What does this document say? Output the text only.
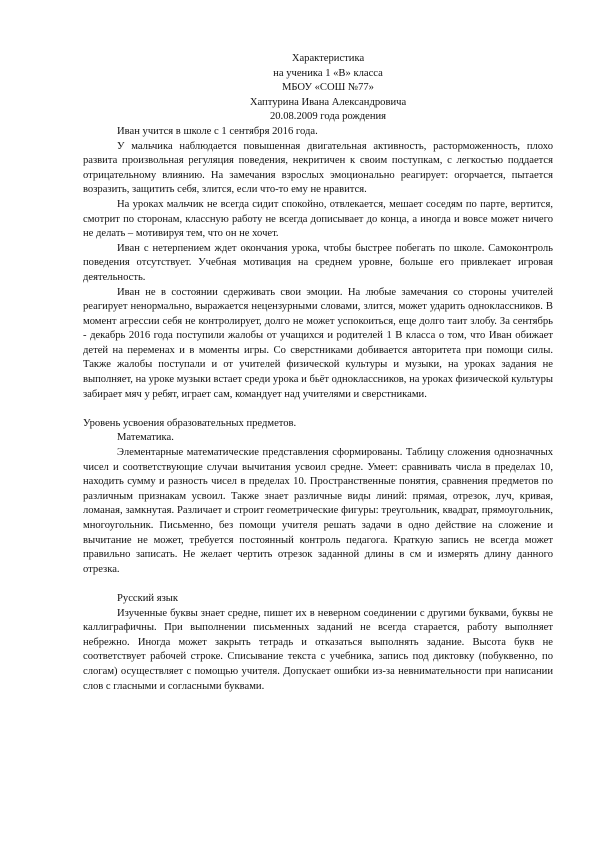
Характеристика
на ученика 1 «В» класса
МБОУ «СОШ №77»
Хаптурина Ивана Александровича
20.08.2009 года рождения

Иван учится в школе с 1 сентября 2016 года.

У мальчика наблюдается повышенная двигательная активность, расторможенность, плохо развита произвольная регуляция поведения, некритичен к своим поступкам, с легкостью поддается отрицательному влиянию. На замечания взрослых эмоционально реагирует: огорчается, пытается возразить, защитить себя, злится, если что-то ему не нравится.

На уроках мальчик не всегда сидит спокойно, отвлекается, мешает соседям по парте, вертится, смотрит по сторонам, классную работу не всегда дописывает до конца, а иногда и вовсе может ничего не делать – мотивируя тем, что он не хочет.

Иван с нетерпением ждет окончания урока, чтобы быстрее побегать по школе. Самоконтроль поведения отсутствует. Учебная мотивация на среднем уровне, больше его привлекает игровая деятельность.

Иван не в состоянии сдерживать свои эмоции. На любые замечания со стороны учителей реагирует ненормально, выражается нецензурными словами, злится, может ударить одноклассников. В момент агрессии себя не контролирует, долго не может успокоиться, еще долго таит злобу. За сентябрь - декабрь 2016 года поступили жалобы от учащихся и родителей 1 В класса о том, что Иван обижает детей на переменах и в моменты игры. Со сверстниками добивается авторитета при помощи силы. Также жалобы поступали и от учителей физической культуры и музыки, на уроках задания не выполняет, на уроке музыки встает среди урока и бьёт одноклассников, на уроках физической культуры забирает мяч у ребят, играет сам, командует над учителями и сверстниками.

Уровень усвоения образовательных предметов.
Математика.

Элементарные математические представления сформированы. Таблицу сложения однозначных чисел и соответствующие случаи вычитания усвоил средне. Умеет: сравнивать числа в пределах 10, находить сумму и разность чисел в пределах 10. Пространственные понятия, сравнения предметов по различным признакам усвоил. Также знает различные виды линий: прямая, отрезок, луч, кривая, ломаная, замкнутая. Различает и строит геометрические фигуры: треугольник, квадрат, прямоугольник, многоугольник. Письменно, без помощи учителя решать задачи в одно действие на сложение и вычитание не может, требуется постоянный контроль педагога. Краткую запись не всегда может правильно записать. Не желает чертить отрезок заданной длины в см и измерять длину данного отрезка.

Русский язык

Изученные буквы знает средне, пишет их в неверном соединении с другими буквами, буквы не каллиграфичны. При выполнении письменных заданий не всегда старается, работу выполняет небрежно. Иногда может закрыть тетрадь и отказаться выполнять задание. Высота букв не соответствует рабочей строке. Списывание текста с учебника, запись под диктовку (побуквенно, по слогам) осуществляет с помощью учителя. Допускает ошибки из-за невнимательности при написании слов с гласными и согласными буквами.
